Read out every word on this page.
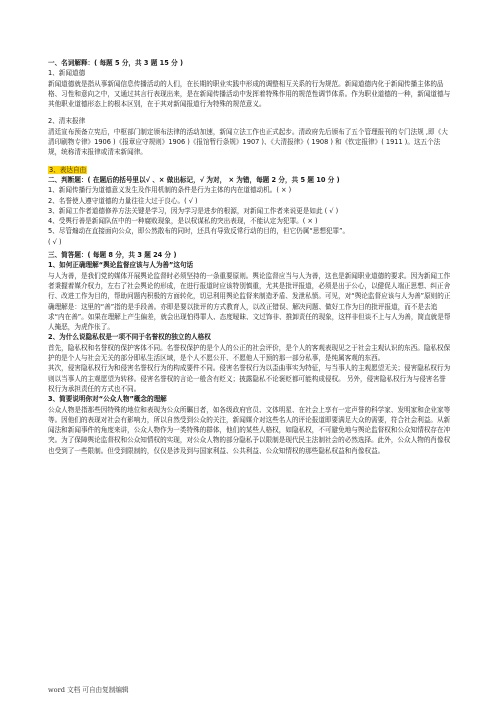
一、名词解释：( 每题 5 分，共 3 题 15 分 )

1、新闻道德

新闻道德就是指从事新闻信息传播活动的人们，在长期的职业实践中形成的调整相互关系的行为规范。新闻道德内化于新闻传播主体的品格、习性和意向之中，又通过其言行表现出来，是在新闻传播活动中发挥着特殊作用的规范性调节体系。作为职业道德的一种，新闻道德与其他职业道德形态上的根本区别，在于其对新闻报道行为特殊的规范意义。

2、清末报律

清廷宣布预备立宪后，中枢部门制定颁布法律的活动加速，新闻立法工作也正式起步。清政府先后颁布了五个管理报刊的专门法规 ,即《大清印刷物专律》1906 )《报章应守规则》1906 )《报馆暂行条规》1907 )、《大清报律》( 1908 ) 和《钦定报律》( 1911 )。这五个法规，统称清末报律或清末新闻律。

3、表达自由

二、判断题：( 在题后的括号里以√ 、× 做出标记，√ 为对， × 为错，每题 2 分，共 5 题 10 分 )

1、新闻传播行为道德意义发生及作用机制的条件是行为主体的内在道德动机。( × )

2、名誉使人遵守道德的力量往往大过于良心。( √ )

3、新闻工作者道德修养方法关键是学习，因为学习是进步的根源，对新闻工作者来说更是如此 ( √ )

4、受舆行善是新闻队伍中的一种腐败现象，是以权谋私的突出表现，不能认定为犯罪。( × )

5、尽管煽动在直接面向公众，即公然散布的同时，还具有导致反常行动的目的，但它仍属“思想犯罪”。

( √ )

三、简答题：( 每题 8 分，共 3 题 24 分 )

1、如何正确理解“舆论监督应该与人为善”这句话

与人为善，是我们党的媒体开展舆论监督时必须坚持的一条重要原则。舆论监督应当与人为善，这也是新闻职业道德的要求。因为新闻工作者秉握着媒介权力，左右了社会舆论的形成，在进行报道时应该特别慎重，尤其是批评报道，必须是出于公心，以健促人端正思想、纠正舍行、改进工作为目的，帮助问题内积极的方面转化，切忌利用舆论监督来制造矛盾、发泄私愤。可见，对“舆论监督应该与人为善”原则的正确理解是：这里的“善”指的是手段善。亦即是要以批评的方式教育人，以改正错误、解决问题、做好工作为目的批评报道，而不是去追求“内在善”。如果在理解上产生偏差，就会出现怕得罪人、态度暧昧、文过饰非、推卸责任的现象，这样非但谈不上与人为善，简直就是帮人掩恶，为虎作伥了。

2、为什么说隐私权是一项不同于名誉权的独立的人格权

首先，隐私权和名誉权的保护客体不同。名誉权保护的是个人的公正的社会评价，是个人的客观表现见之于社会主观认识的东西。隐私权保护的是个人与社会无关的部分即私生活区域，是个人不愿公开、不愿他人干预的那一部分私事，是纯属客观的东西。

其次，侵害隐私权行为和侵害名誉权行为的构成要件不同。侵害名誉权行为以歪曲事实为特征，与当事人的主观愿望无关；侵害隐私权行为则以当事人的主观愿望为转移。侵害名誉权的言论一般含有贬义；披露隐私不论褒贬都可能构成侵权。 另外，侵害隐私权行为与侵害名誉权行为承担责任的方式也不同。

3、简要说明你对“公众人物”概念的理解

公众人物是指那些因特殊的地位和表现为公众所瞩目者，如各级政府官员、文体明星、在社会上享有一定声誉的科学家、发明家和企业家等等。因他们的表现对社会有影响力，所以自然受到公众的关注，新闻媒介对这些名人的评论报道即要满足大众的需要，符合社会利益。从新闻法和新闻事件的角度来讲，公众人物作为一类特殊的群体，他们的某些人格权，如隐私权，不可避免地与舆论监督权和公众知情权存在冲突。为了保障舆论监督权和公众知情权的实现，对公众人物的部分隐私予以限制是现代民主法制社会的必然选择。此外，公众人物的肖像权也受到了一些限制。但受到限制的，仅仅是涉及到与国家利益、公共利益、公众知情权的那些隐私权益和肖像权益。

word 文档 可自由复制编辑
